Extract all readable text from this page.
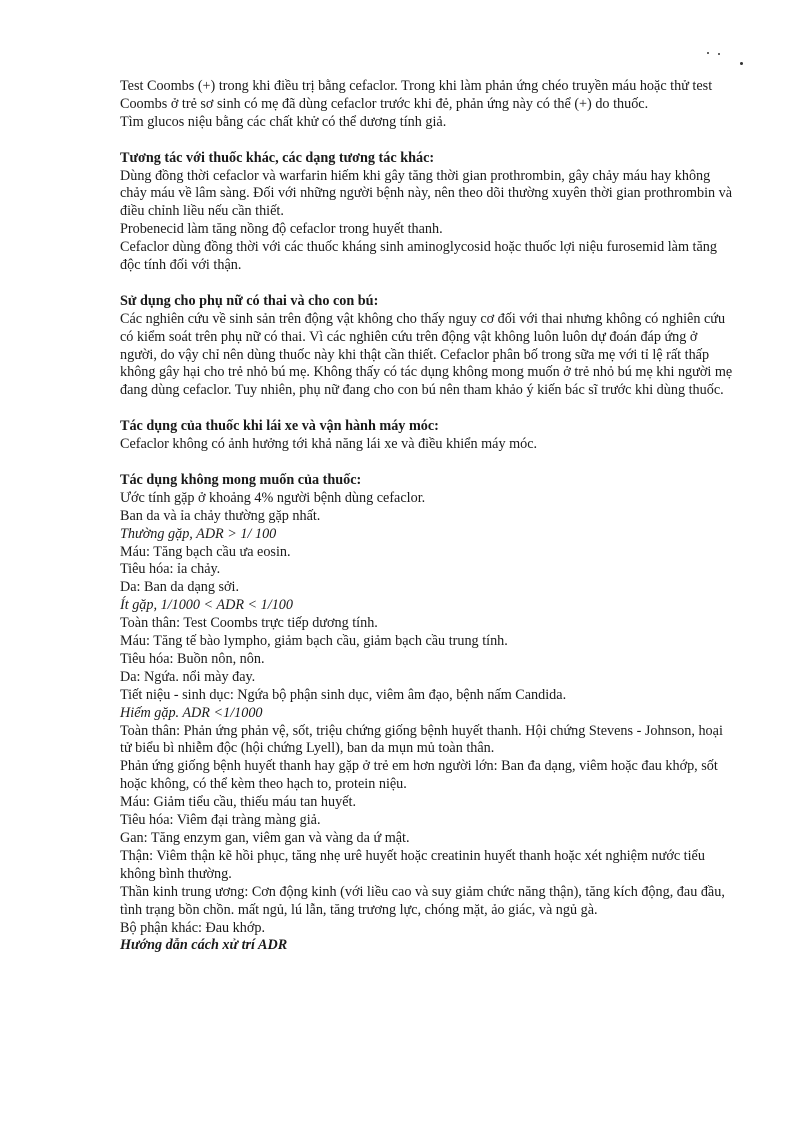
Test Coombs (+) trong khi điều trị bằng cefaclor. Trong khi làm phản ứng chéo truyền máu hoặc thử test Coombs ở trẻ sơ sinh có mẹ đã dùng cefaclor trước khi đẻ, phản ứng này có thể (+) do thuốc.

Tìm glucos niệu bằng các chất khử có thể dương tính giả.

Tương tác với thuốc khác, các dạng tương tác khác:

Dùng đồng thời cefaclor và warfarin hiếm khi gây tăng thời gian prothrombin, gây chảy máu hay không chảy máu về lâm sàng. Đối với những người bệnh này, nên theo dõi thường xuyên thời gian prothrombin và điều chỉnh liều nếu cần thiết.

Probenecid làm tăng nồng độ cefaclor trong huyết thanh.

Cefaclor dùng đồng thời với các thuốc kháng sinh aminoglycosid hoặc thuốc lợi niệu furosemid làm tăng độc tính đối với thận.

Sử dụng cho phụ nữ có thai và cho con bú:

Các nghiên cứu về sinh sản trên động vật không cho thấy nguy cơ đối với thai nhưng không có nghiên cứu có kiểm soát trên phụ nữ có thai. Vì các nghiên cứu trên động vật không luôn luôn dự đoán đáp ứng ở người, do vậy chỉ nên dùng thuốc này khi thật cần thiết. Cefaclor phân bố trong sữa mẹ với tỉ lệ rất thấp không gây hại cho trẻ nhỏ bú mẹ. Không thấy có tác dụng không mong muốn ở trẻ nhỏ bú mẹ khi người mẹ đang dùng cefaclor. Tuy nhiên, phụ nữ đang cho con bú nên tham khảo ý kiến bác sĩ trước khi dùng thuốc.

Tác dụng của thuốc khi lái xe và vận hành máy móc:

Cefaclor không có ảnh hưởng tới khả năng lái xe và điều khiển máy móc.

Tác dụng không mong muốn của thuốc:

Ước tính gặp ở khoảng 4% người bệnh dùng cefaclor.

Ban da và ỉa chảy thường gặp nhất.

Thường gặp, ADR > 1/ 100

Máu: Tăng bạch cầu ưa eosin.

Tiêu hóa: ỉa chảy.

Da: Ban da dạng sởi.

Ít gặp, 1/1000 < ADR < 1/100

Toàn thân: Test Coombs trực tiếp dương tính.

Máu: Tăng tế bào lympho, giảm bạch cầu, giảm bạch cầu trung tính.

Tiêu hóa: Buồn nôn, nôn.

Da: Ngứa. nổi mày đay.

Tiết niệu - sinh dục: Ngứa bộ phận sinh dục, viêm âm đạo, bệnh nấm Candida.

Hiếm gặp. ADR <1/1000

Toàn thân: Phản ứng phản vệ, sốt, triệu chứng giống bệnh huyết thanh. Hội chứng Stevens - Johnson, hoại tử biểu bì nhiễm độc (hội chứng Lyell), ban da mụn mủ toàn thân.

Phản ứng giống bệnh huyết thanh hay gặp ở trẻ em hơn người lớn: Ban đa dạng, viêm hoặc đau khớp, sốt hoặc không, có thể kèm theo hạch to, protein niệu.

Máu: Giảm tiểu cầu, thiếu máu tan huyết.

Tiêu hóa: Viêm đại tràng màng giả.

Gan: Tăng enzym gan, viêm gan và vàng da ứ mật.

Thận: Viêm thận kẽ hồi phục, tăng nhẹ urê huyết hoặc creatinin huyết thanh hoặc xét nghiệm nước tiểu không bình thường.

Thần kinh trung ương: Cơn động kinh (với liều cao và suy giảm chức năng thận), tăng kích động, đau đầu, tình trạng bồn chồn. mất ngủ, lú lẫn, tăng trương lực, chóng mặt, ảo giác, và ngủ gà.

Bộ phận khác: Đau khớp.

Hướng dẫn cách xử trí ADR
